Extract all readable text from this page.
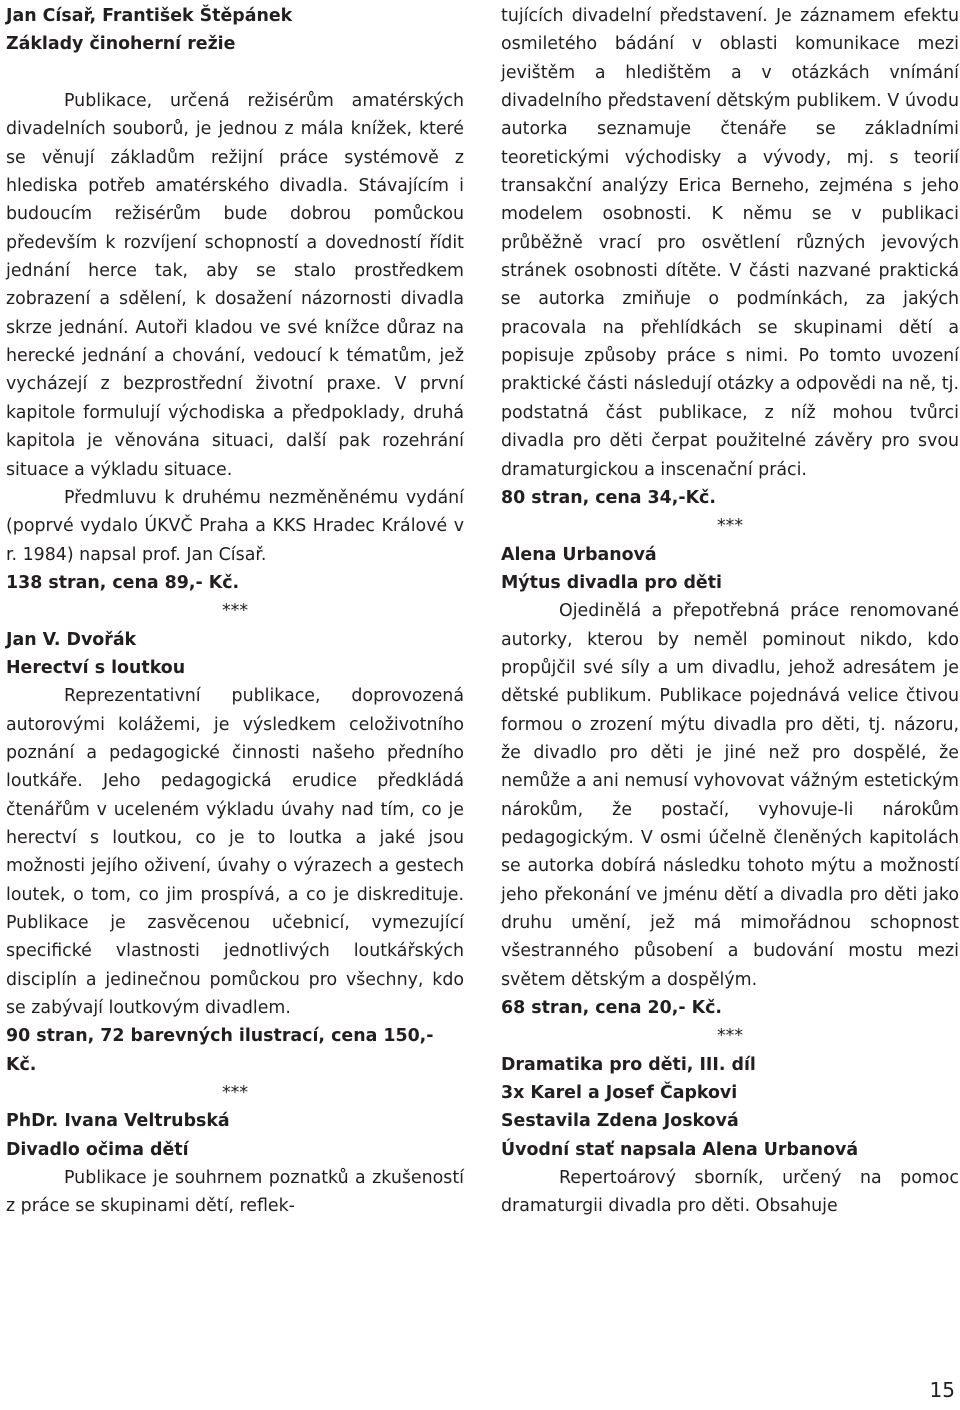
Jan Císař, František Štěpánek

Základy činoherní režie

Publikace, určená režisérům amatérských divadelních souborů, je jednou z mála knížek, které se věnují základům režijní práce systémově z hlediska potřeb amatérského divadla. Stávajícím i budoucím režisérům bude dobrou pomůckou především k rozvíjení schopností a dovedností řídit jednání herce tak, aby se stalo prostředkem zobrazení a sdělení, k dosažení názornosti divadla skrze jednání. Autoři kladou ve své knížce důraz na herecké jednání a chování, vedoucí k tématům, jež vycházejí z bezprostřední životní praxe. V první kapitole formulují východiska a předpoklady, druhá kapitola je věnována situaci, další pak rozehrání situace a výkladu situace.

Předmluvu k druhému nezměněnému vydání (poprvé vydalo ÚKVČ Praha a KKS Hradec Králové v r. 1984) napsal prof. Jan Císař.

138 stran, cena 89,- Kč.

***

Jan V. Dvořák

Herectví s loutkou

Reprezentativní publikace, doprovozená autorovými kolážemi, je výsledkem celoživotního poznání a pedagogické činnosti našeho předního loutkáře. Jeho pedagogická erudice předkládá čtenářům v uceleném výkladu úvahy nad tím, co je herectví s loutkou, co je to loutka a jaké jsou možnosti jejího oživení, úvahy o výrazech a gestech loutek, o tom, co jim prospívá, a co je diskredituje. Publikace je zasvěcenou učebnicí, vymezující specifické vlastnosti jednotlivých loutkářských disciplín a jedinečnou pomůckou pro všechny, kdo se zabývají loutkovým divadlem.

90 stran, 72 barevných ilustrací, cena 150,- Kč.

***

PhDr. Ivana Veltrubská

Divadlo očima dětí

Publikace je souhrnem poznatků a zkušeností z práce se skupinami dětí, reflek-

tujících divadelní představení. Je záznamem efektu osmiletého bádání v oblasti komunikace mezi jevištěm a hledištěm a v otázkách vnímání divadelního představení dětským publikem. V úvodu autorka seznamuje čtenáře se základními teoretickými východisky a vývody, mj. s teorií transakční analýzy Erica Berneho, zejména s jeho modelem osobnosti. K němu se v publikaci průběžně vrací pro osvětlení různých jevových stránek osobnosti dítěte. V části nazvané praktická se autorka zmiňuje o podmínkách, za jakých pracovala na přehlídkách se skupinami dětí a popisuje způsoby práce s nimi. Po tomto uvození praktické části následují otázky a odpovědi na ně, tj. podstatná část publikace, z níž mohou tvůrci divadla pro děti čerpat použitelné závěry pro svou dramaturgickou a inscenační práci.

80 stran, cena 34,-Kč.

***

Alena Urbanová

Mýtus divadla pro děti

Ojedinělá a přepotřebná práce renomované autorky, kterou by neměl pominout nikdo, kdo propůjčil své síly a um divadlu, jehož adresátem je dětské publikum. Publikace pojednává velice čtivou formou o zrození mýtu divadla pro děti, tj. názoru, že divadlo pro děti je jiné než pro dospělé, že nemůže a ani nemusí vyhovovat vážným estetickým nárokům, že postačí, vyhovuje-li nárokům pedagogickým. V osmi účelně členěných kapitolách se autorka dobírá následku tohoto mýtu a možností jeho překonání ve jménu dětí a divadla pro děti jako druhu umění, jež má mimořádnou schopnost všestranného působení a budování mostu mezi světem dětským a dospělým.

68 stran, cena 20,- Kč.

***

Dramatika pro děti, III. díl

3x Karel a Josef Čapkovi

Sestavila Zdena Josková

Úvodní stať napsala Alena Urbanová

Repertoárový sborník, určený na pomoc dramaturgii divadla pro děti. Obsahuje

15
